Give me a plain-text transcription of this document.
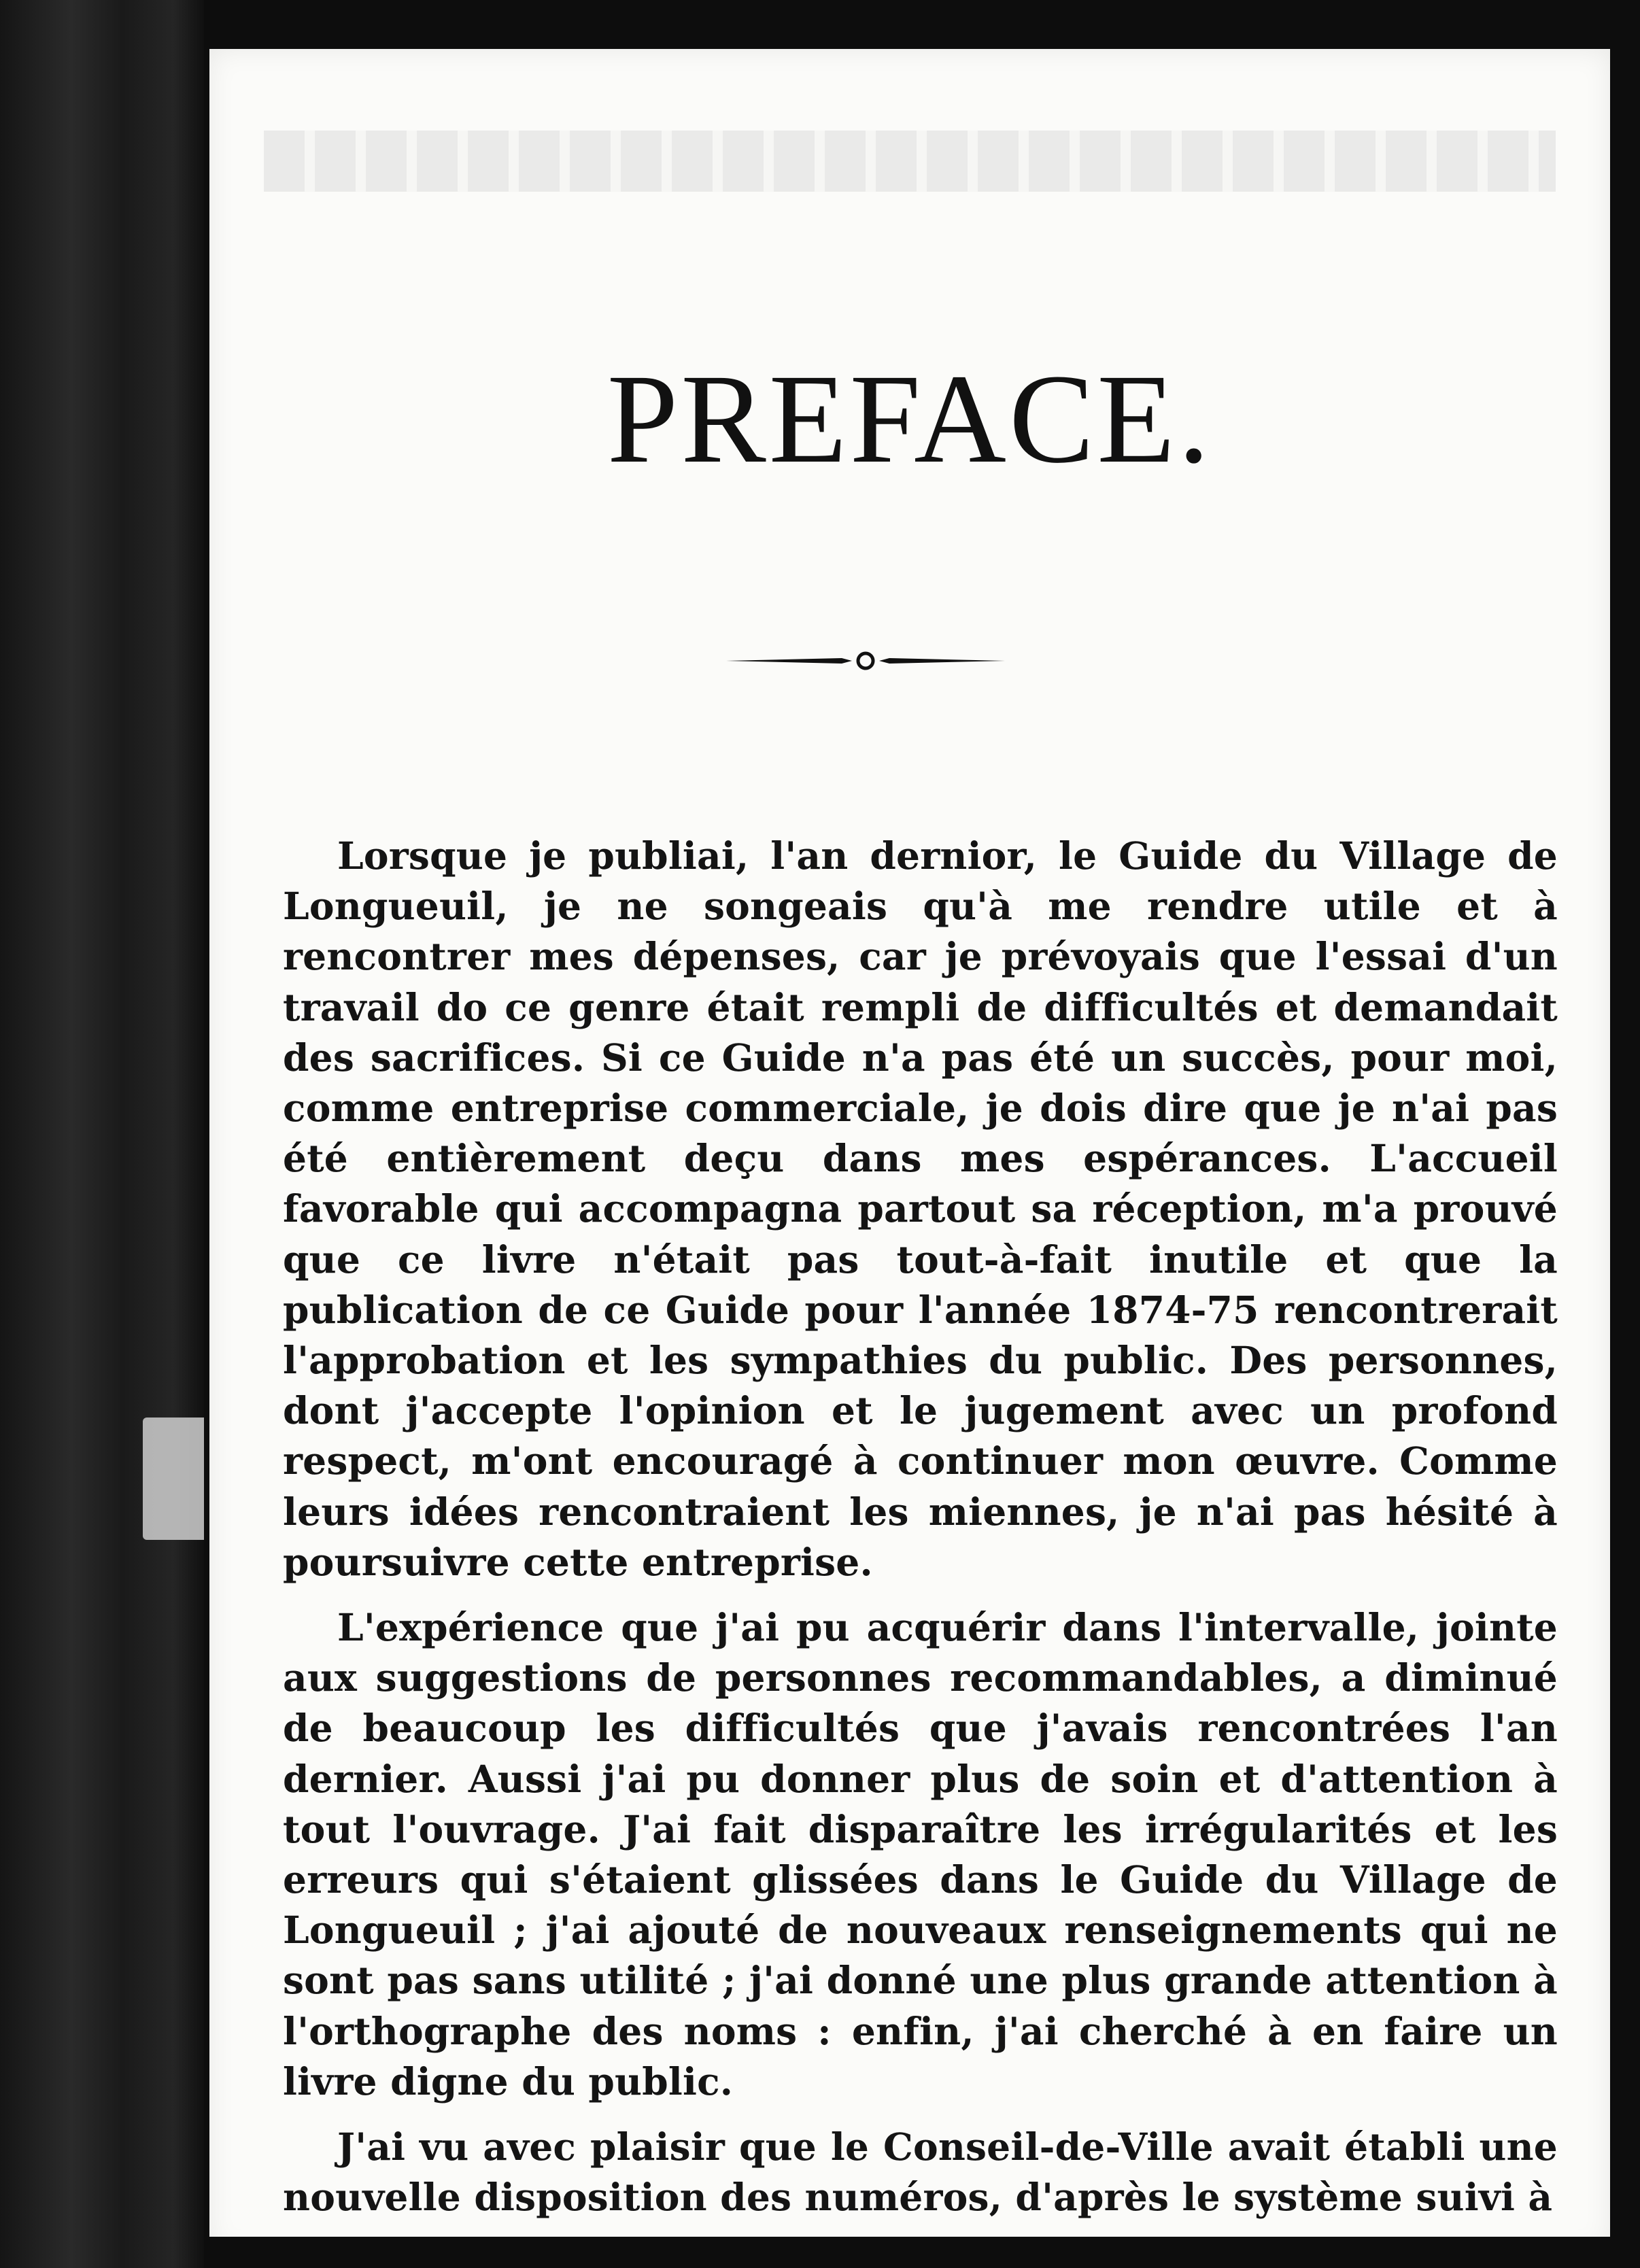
PREFACE.

Lorsque je publiai, l'an dernior, le Guide du Village de Longueuil, je ne songeais qu'à me rendre utile et à rencontrer mes dépenses, car je prévoyais que l'essai d'un travail do ce genre était rempli de difficultés et demandait des sacrifices. Si ce Guide n'a pas été un succès, pour moi, comme entreprise commerciale, je dois dire que je n'ai pas été entièrement deçu dans mes espérances. L'accueil favorable qui accompagna partout sa réception, m'a prouvé que ce livre n'était pas tout-à-fait inutile et que la publication de ce Guide pour l'année 1874-75 rencontrerait l'approbation et les sympathies du public. Des personnes, dont j'accepte l'opinion et le jugement avec un profond respect, m'ont encouragé à continuer mon œuvre. Comme leurs idées rencontraient les miennes, je n'ai pas hésité à poursuivre cette entreprise.

L'expérience que j'ai pu acquérir dans l'intervalle, jointe aux suggestions de personnes recommandables, a diminué de beaucoup les difficultés que j'avais rencontrées l'an dernier. Aussi j'ai pu donner plus de soin et d'attention à tout l'ouvrage. J'ai fait disparaître les irrégularités et les erreurs qui s'étaient glissées dans le Guide du Village de Longueuil ; j'ai ajouté de nouveaux renseignements qui ne sont pas sans utilité ; j'ai donné une plus grande attention à l'orthographe des noms : enfin, j'ai cherché à en faire un livre digne du public.

J'ai vu avec plaisir que le Conseil-de-Ville avait établi une nouvelle disposition des numéros, d'après le système suivi à
